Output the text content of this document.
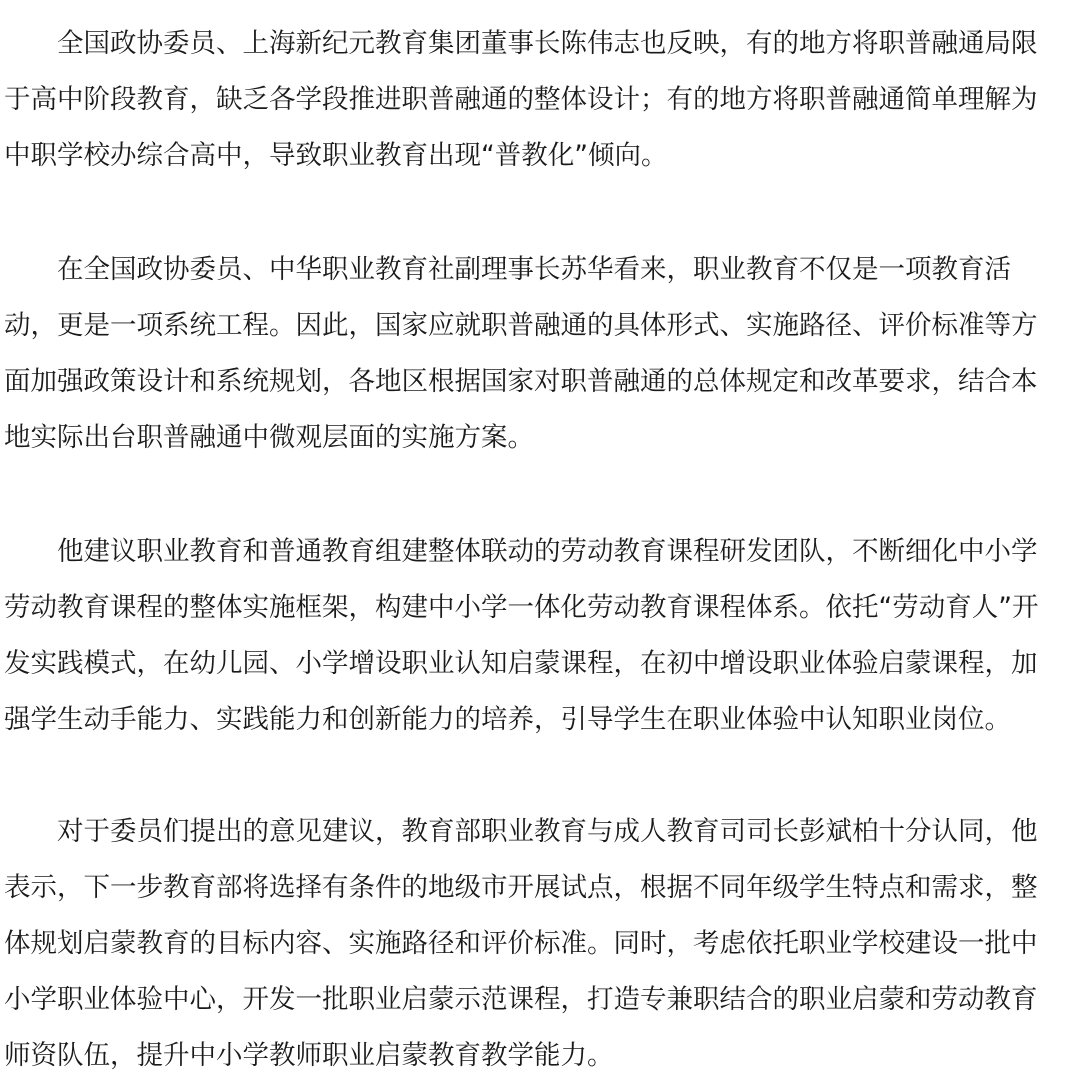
　　全国政协委员、上海新纪元教育集团董事长陈伟志也反映，有的地方将职普融通局限
于高中阶段教育，缺乏各学段推进职普融通的整体设计；有的地方将职普融通简单理解为
中职学校办综合高中，导致职业教育出现“普教化”倾向。

　　在全国政协委员、中华职业教育社副理事长苏华看来，职业教育不仅是一项教育活
动，更是一项系统工程。因此，国家应就职普融通的具体形式、实施路径、评价标准等方
面加强政策设计和系统规划，各地区根据国家对职普融通的总体规定和改革要求，结合本
地实际出台职普融通中微观层面的实施方案。

　　他建议职业教育和普通教育组建整体联动的劳动教育课程研发团队，不断细化中小学
劳动教育课程的整体实施框架，构建中小学一体化劳动教育课程体系。依托“劳动育人”开
发实践模式，在幼儿园、小学增设职业认知启蒙课程，在初中增设职业体验启蒙课程，加
强学生动手能力、实践能力和创新能力的培养，引导学生在职业体验中认知职业岗位。

　　对于委员们提出的意见建议，教育部职业教育与成人教育司司长彭斌柏十分认同，他
表示，下一步教育部将选择有条件的地级市开展试点，根据不同年级学生特点和需求，整
体规划启蒙教育的目标内容、实施路径和评价标准。同时，考虑依托职业学校建设一批中
小学职业体验中心，开发一批职业启蒙示范课程，打造专兼职结合的职业启蒙和劳动教育
师资队伍，提升中小学教师职业启蒙教育教学能力。
